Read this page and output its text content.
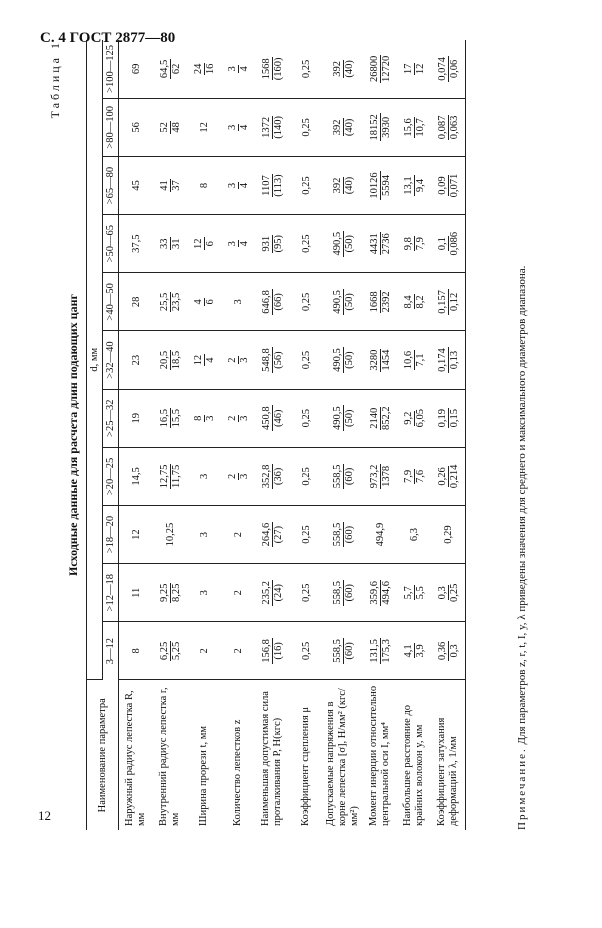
С. 4 ГОСТ 2877—80
12
Таблица 1
Исходные данные для расчета длин подающих цанг
Наименование параметра	d, мм										
	3—12	>12—18	>18—20	>20—25	>25—32	>32—40	>40—50	>50—65	>65—80	>80—100	>100—125
Наружный радиус лепестка R, мм	8	11	12	14,5	19	23	28	37,5	45	56	69
Внутренний радиус лепестка r, мм	6,25 5,25	9,25 8,25	10,25	12,75 11,75	16,5 15,5	20,5 18,5	25,5 23,5	33 31	41 37	52 48	64,5 62

Ширина прорези t, мм	2	3	3	3	8 3	12 4	4 6	12 6	8	12	24 16

Количество лепестков z	2	2	2	2 3	2 3	2 3	3	3 4	3 4	3 4	3 4

Наименьшая допустимая сила проталкивания P, Н(кгс)	156,8 (16)	235,2 (24)	264,6 (27)	352,8 (36)	450,8 (46)	548,8 (56)	646,8 (66)	931 (95)	1107 (113)	1372 (140)	1568 (160)

Коэффициент сцепления μ	0,25	0,25	0,25	0,25	0,25	0,25	0,25	0,25	0,25	0,25	0,25
Допускаемые напряжения в корне лепестка [σ], Н/мм² (кгс/мм²)	558,5 (60)	558,5 (60)	558,5 (60)	558,5 (60)	490,5 (50)	490,5 (50)	490,5 (50)	490,5 (50)	392 (40)	392 (40)	392 (40)

Момент инерции относительно центральной оси I, мм⁴	131,5 175,3	359,6 494,6	494,9	973,2 1378	2140 852,2	3280 1454	1668 2392	4431 2736	10126 5594	18152 3930	26800 12720

Наибольшее расстояние до крайних волокон y, мм	4,1 3,9	5,7 5,5	6,3	7,9 7,6	9,2 6,05	10,6 7,1	8,4 8,2	9,8 7,9	13,1 9,4	15,6 10,7	17 12

Коэффициент затухания деформаций λ, 1/мм	0,36 0,3	0,3 0,25	0,29	0,26 0,214	0,19 0,15	0,174 0,13	0,157 0,12	0,1 0,086	0,09 0,071	0,087 0,063	0,074 0,06
Примечание. Для параметров z, r, t, I, y, λ приведены значения для среднего и максимального диаметров диапазона.
